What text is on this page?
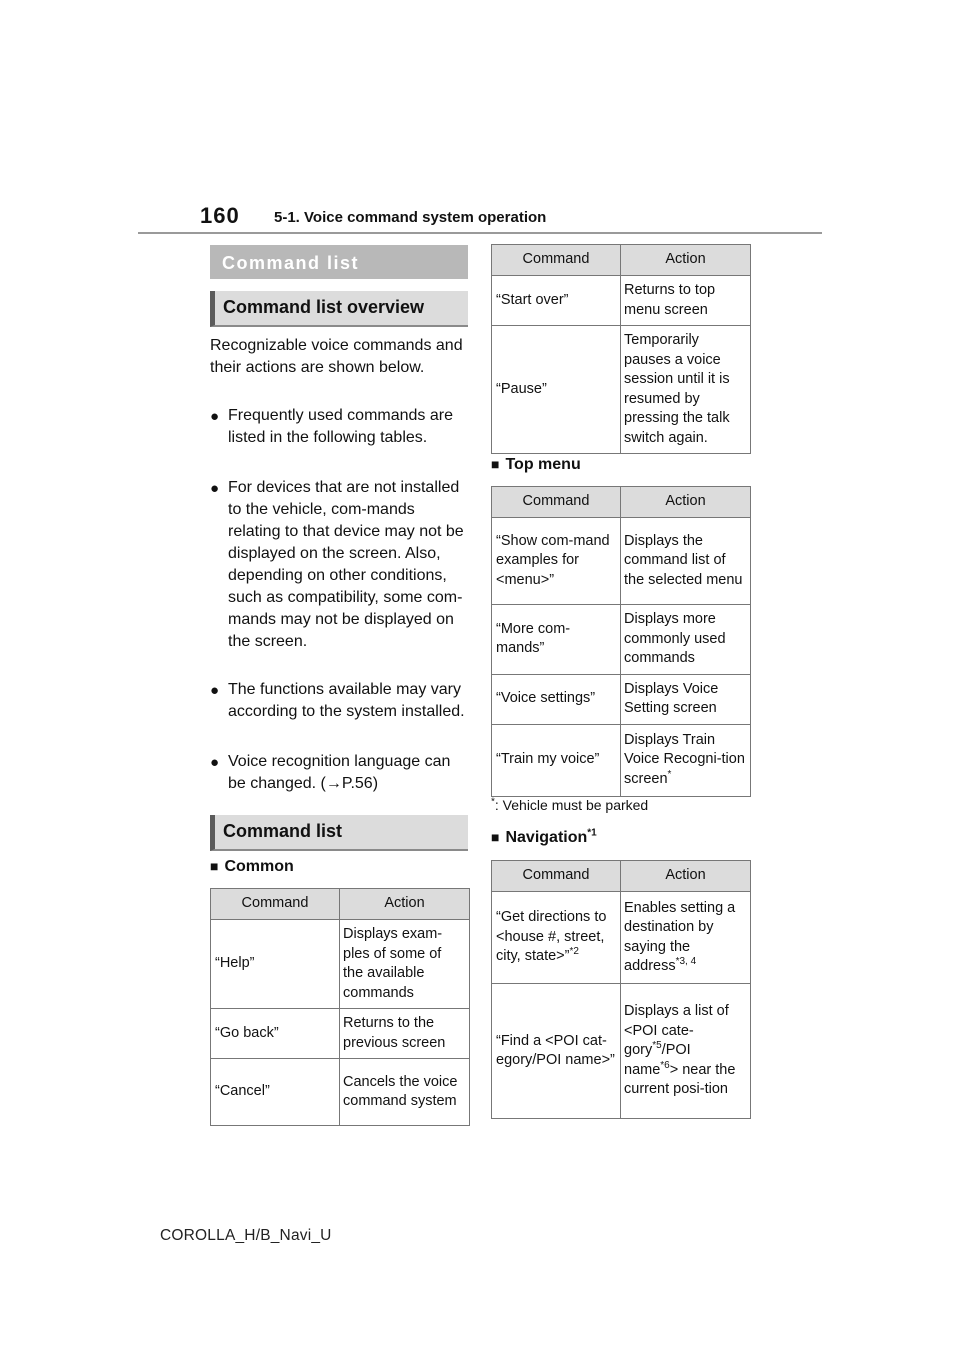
160 5-1. Voice command system operation
Command list
Command list overview
Recognizable voice commands and their actions are shown below.
● Frequently used commands are listed in the following tables.
● For devices that are not installed to the vehicle, com-mands relating to that device may not be displayed on the screen. Also, depending on other conditions, such as compatibility, some com-mands may not be displayed on the screen.
● The functions available may vary according to the system installed.
● Voice recognition language can be changed. (→P.56)
Command list
■ Common
Command	Action
“Help”	Displays exam-ples of some of the available commands
“Go back”	Returns to the previous screen
“Cancel”	Cancels the voice command system
Command	Action
“Start over”	Returns to top menu screen
“Pause”	Temporarily pauses a voice session until it is resumed by pressing the talk switch again.
■ Top menu
Command	Action
“Show com-mand examples for <menu>”	Displays the command list of the selected menu
“More com-mands”	Displays more commonly used commands
“Voice settings”	Displays Voice Setting screen
“Train my voice”	Displays Train Voice Recogni-tion screen*
*: Vehicle must be parked
■ Navigation$^{*1}$
Command	Action
“Get directions to <house #, street, city, state>”$^{*2}$	Enables setting a destination by saying the address$^{*3, 4}$
“Find a <POI cat-egory/POI name>”	Displays a list of <POI cate-gory$^{*5}$/POI name$^{*6}$> near the current posi-tion
COROLLA_H/B_Navi_U
